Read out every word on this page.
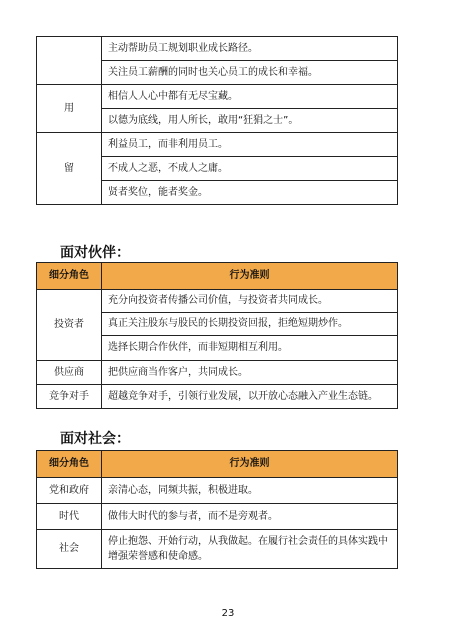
主动帮助员工规划职业成长路径。
关注员工薪酬的同时也关心员工的成长和幸福。

用	相信人人心中都有无尽宝藏。
以德为底线，用人所长，敢用“狂狷之士”。

留	利益员工，而非利用员工。
不成人之恶，不成人之庸。
贤者奖位，能者奖金。
面对伙伴：
细分角色	行为准则
投资者	充分向投资者传播公司价值，与投资者共同成长。
真正关注股东与股民的长期投资回报，拒绝短期炒作。
选择长期合作伙伴，而非短期相互利用。

供应商	把供应商当作客户，共同成长。

竞争对手	超越竞争对手，引领行业发展，以开放心态融入产业生态链。
面对社会：
细分角色	行为准则
党和政府	亲清心态，同频共振，积极进取。

时代	做伟大时代的参与者，而不是旁观者。

社会	停止抱怨、开始行动，从我做起。在履行社会责任的具体实践中增强荣誉感和使命感。
23
